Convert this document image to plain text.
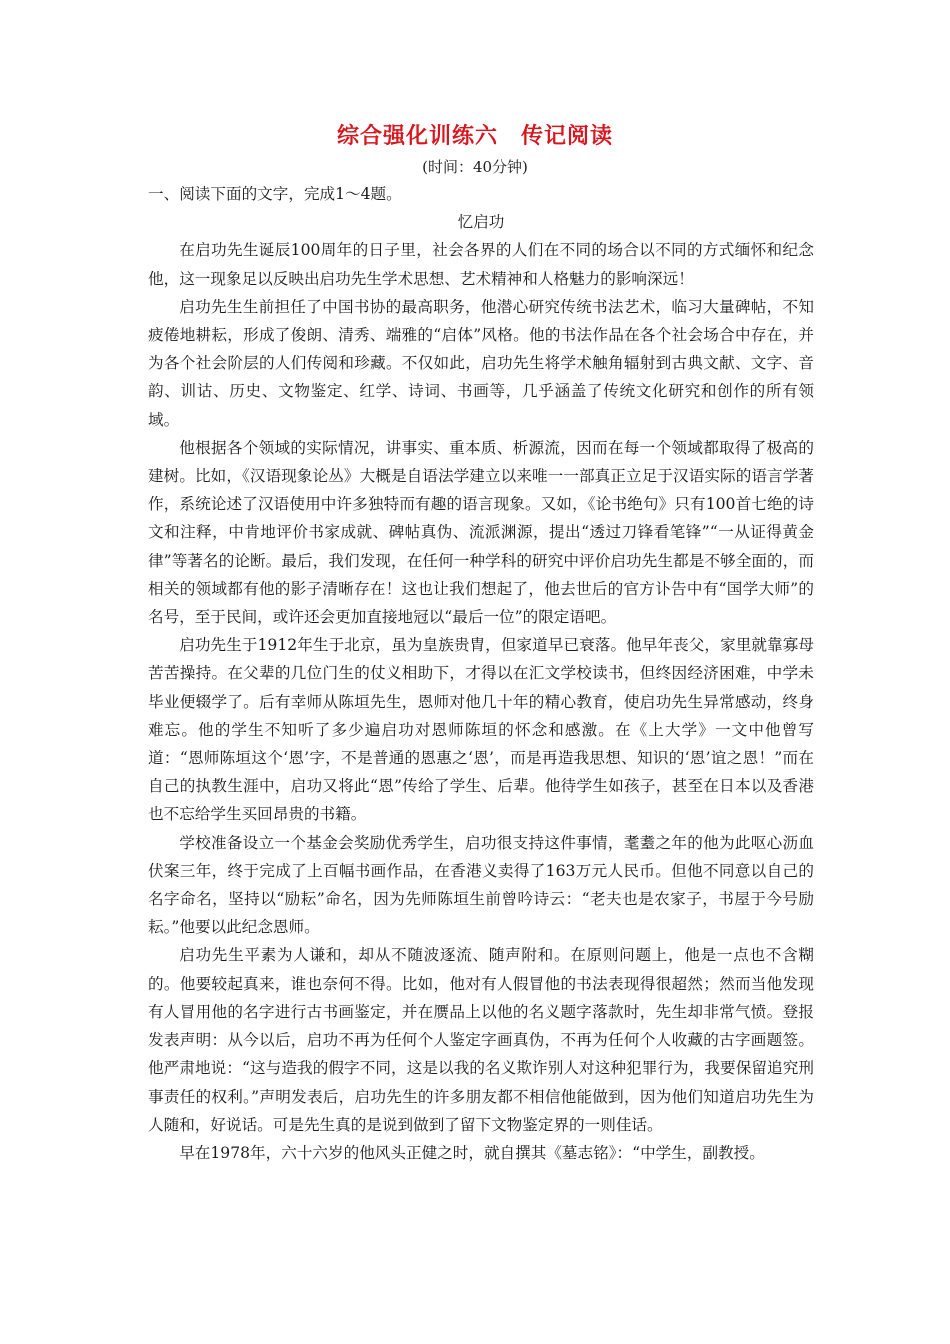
综合强化训练六　传记阅读
(时间：40分钟)

一、阅读下面的文字，完成1～4题。

忆启功

在启功先生诞辰100周年的日子里，社会各界的人们在不同的场合以不同的方式缅怀和纪念他，这一现象足以反映出启功先生学术思想、艺术精神和人格魅力的影响深远！

启功先生生前担任了中国书协的最高职务，他潜心研究传统书法艺术，临习大量碑帖，不知疲倦地耕耘，形成了俊朗、清秀、端雅的“启体”风格。他的书法作品在各个社会场合中存在，并为各个社会阶层的人们传阅和珍藏。不仅如此，启功先生将学术触角辐射到古典文献、文字、音韵、训诂、历史、文物鉴定、红学、诗词、书画等，几乎涵盖了传统文化研究和创作的所有领域。

他根据各个领域的实际情况，讲事实、重本质、析源流，因而在每一个领域都取得了极高的建树。比如，《汉语现象论丛》大概是自语法学建立以来唯一一部真正立足于汉语实际的语言学著作，系统论述了汉语使用中许多独特而有趣的语言现象。又如，《论书绝句》只有100首七绝的诗文和注释，中肯地评价书家成就、碑帖真伪、流派渊源，提出“透过刀锋看笔锋”“一从证得黄金律”等著名的论断。最后，我们发现，在任何一种学科的研究中评价启功先生都是不够全面的，而相关的领域都有他的影子清晰存在！这也让我们想起了，他去世后的官方讣告中有“国学大师”的名号，至于民间，或许还会更加直接地冠以“最后一位”的限定语吧。

启功先生于1912年生于北京，虽为皇族贵胄，但家道早已衰落。他早年丧父，家里就靠寡母苦苦操持。在父辈的几位门生的仗义相助下，才得以在汇文学校读书，但终因经济困难，中学未毕业便辍学了。后有幸师从陈垣先生，恩师对他几十年的精心教育，使启功先生异常感动，终身难忘。他的学生不知听了多少遍启功对恩师陈垣的怀念和感激。在《上大学》一文中他曾写道：“恩师陈垣这个‘恩’字，不是普通的恩惠之‘恩’，而是再造我思想、知识的‘恩’谊之恩！”而在自己的执教生涯中，启功又将此“恩”传给了学生、后辈。他待学生如孩子，甚至在日本以及香港也不忘给学生买回昂贵的书籍。

学校准备设立一个基金会奖励优秀学生，启功很支持这件事情，耄耋之年的他为此呕心沥血伏案三年，终于完成了上百幅书画作品，在香港义卖得了163万元人民币。但他不同意以自己的名字命名，坚持以“励耘”命名，因为先师陈垣生前曾吟诗云：“老夫也是农家子，书屋于今号励耘。”他要以此纪念恩师。

启功先生平素为人谦和，却从不随波逐流、随声附和。在原则问题上，他是一点也不含糊的。他要较起真来，谁也奈何不得。比如，他对有人假冒他的书法表现得很超然；然而当他发现有人冒用他的名字进行古书画鉴定，并在赝品上以他的名义题字落款时，先生却非常气愤。登报发表声明：从今以后，启功不再为任何个人鉴定字画真伪，不再为任何个人收藏的古字画题签。他严肃地说：“这与造我的假字不同，这是以我的名义欺诈别人对这种犯罪行为，我要保留追究刑事责任的权利。”声明发表后，启功先生的许多朋友都不相信他能做到，因为他们知道启功先生为人随和，好说话。可是先生真的是说到做到了留下文物鉴定界的一则佳话。

早在1978年，六十六岁的他风头正健之时，就自撰其《墓志铭》：“中学生，副教授。
